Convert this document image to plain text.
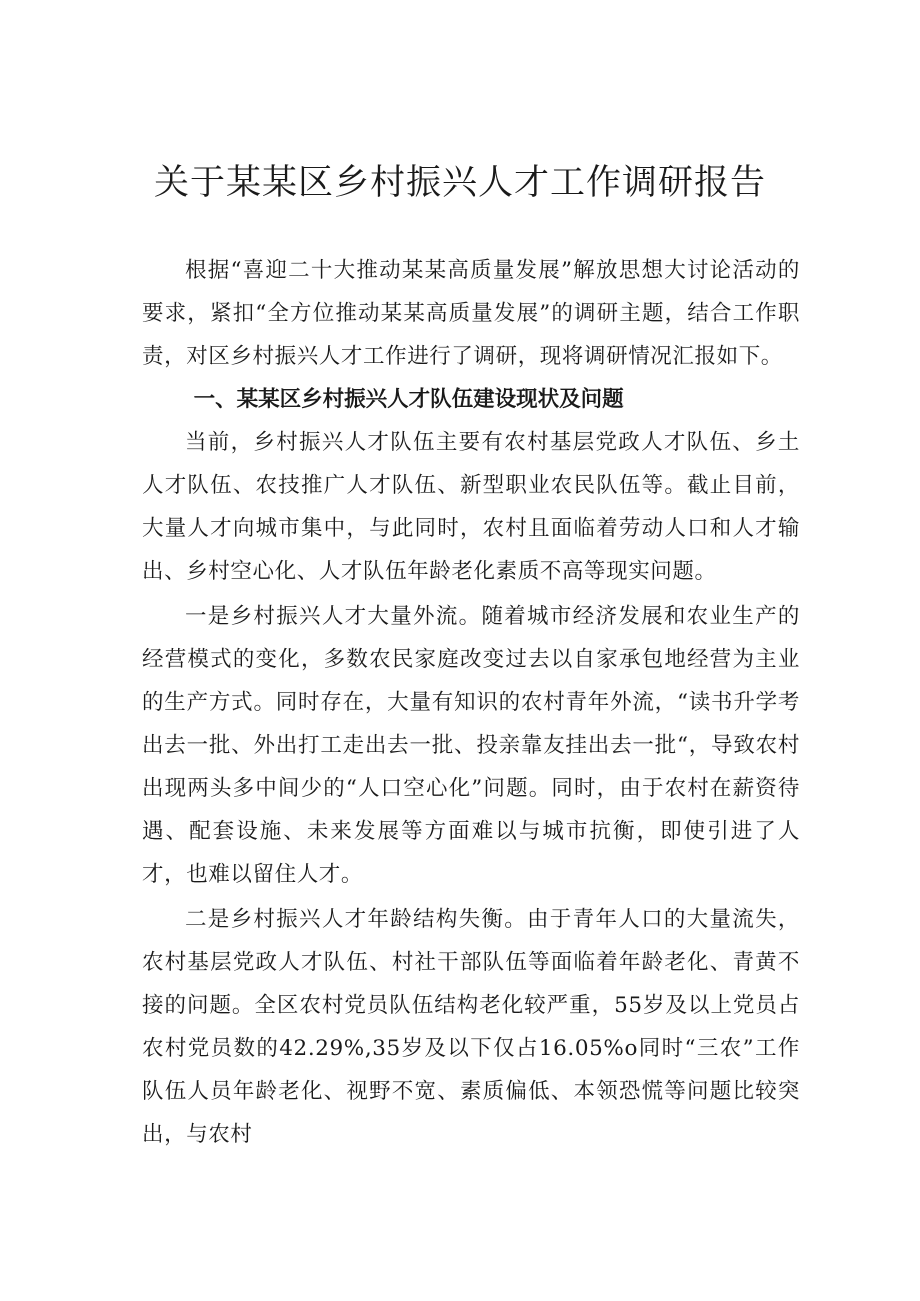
关于某某区乡村振兴人才工作调研报告

根据“喜迎二十大推动某某高质量发展”解放思想大讨论活动的要求，紧扣“全方位推动某某高质量发展”的调研主题，结合工作职责，对区乡村振兴人才工作进行了调研，现将调研情况汇报如下。

一、某某区乡村振兴人才队伍建设现状及问题

当前，乡村振兴人才队伍主要有农村基层党政人才队伍、乡土人才队伍、农技推广人才队伍、新型职业农民队伍等。截止目前，大量人才向城市集中，与此同时，农村且面临着劳动人口和人才输出、乡村空心化、人才队伍年龄老化素质不高等现实问题。

一是乡村振兴人才大量外流。随着城市经济发展和农业生产的经营模式的变化，多数农民家庭改变过去以自家承包地经营为主业的生产方式。同时存在，大量有知识的农村青年外流，“读书升学考出去一批、外出打工走出去一批、投亲靠友挂出去一批“，导致农村出现两头多中间少的“人口空心化”问题。同时，由于农村在薪资待遇、配套设施、未来发展等方面难以与城市抗衡，即使引进了人才，也难以留住人才。

二是乡村振兴人才年龄结构失衡。由于青年人口的大量流失，农村基层党政人才队伍、村社干部队伍等面临着年龄老化、青黄不接的问题。全区农村党员队伍结构老化较严重，55岁及以上党员占农村党员数的42.29%,35岁及以下仅占16.05%o同时“三农”工作队伍人员年龄老化、视野不宽、素质偏低、本领恐慌等问题比较突出，与农村
